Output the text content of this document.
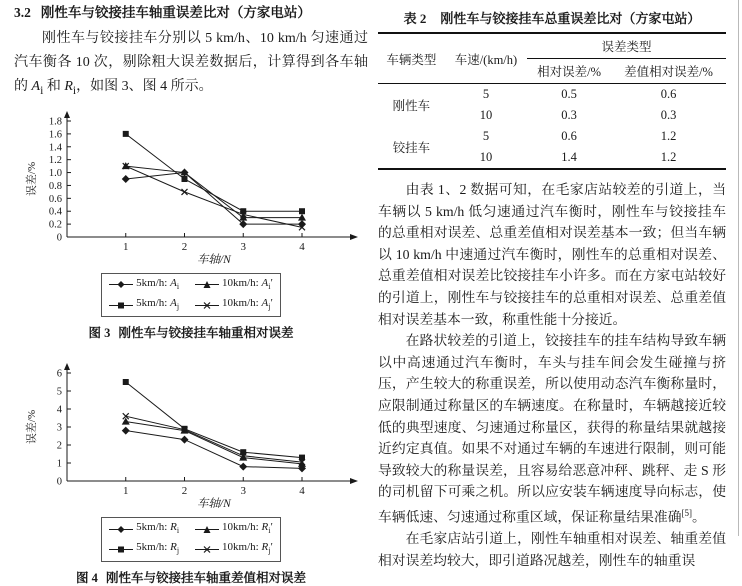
3.2 刚性车与铰接挂车轴重误差比对（方家电站）

刚性车与铰接挂车分别以 5 km/h、10 km/h 匀速通过汽车衡各 10 次，剔除粗大误差数据后，计算得到各车轴的 $A_i$ 和 $R_i$，如图 3、图 4 所示。

0
0.2
0.4
0.6
0.8
1.0
1.2
1.4
1.6
1.8
1	2	3	4
误差/%
车轴/N
5km/h: $A_i$	10km/h: $A_i'$
5km/h: $A_j$	10km/h: $A_j'$
图 3 刚性车与铰接挂车轴重相对误差
0
1
2
3
4
5
6
1	2	3	4
误差/%
车轴/N
5km/h: $R_i$	10km/h: $R_i'$
5km/h: $R_j$	10km/h: $R_j'$
图 4 刚性车与铰接挂车轴重差值相对误差
表 2 刚性车与铰接挂车总重误差比对（方家屯站）
车辆类型	车速/(km/h)	误差类型	
		相对误差/%	差值相对误差/%
刚性车	5	0.5	0.6
	10	0.3	0.3
铰挂车	5	0.6	1.2
	10	1.4	1.2

由表 1、2 数据可知，在毛家店站较差的引道上，当车辆以 5 km/h 低匀速通过汽车衡时，刚性车与铰接挂车的总重相对误差、总重差值相对误差基本一致；但当车辆以 10 km/h 中速通过汽车衡时，刚性车的总重相对误差、总重差值相对误差比铰接挂车小许多。而在方家屯站较好的引道上，刚性车与铰接挂车的总重相对误差、总重差值相对误差基本一致，称重性能十分接近。

在路状较差的引道上，铰接挂车的挂车结构导致车辆以中高速通过汽车衡时，车头与挂车间会发生碰撞与挤压，产生较大的称重误差，所以使用动态汽车衡称量时，应限制通过称量区的车辆速度。在称量时，车辆越接近较低的典型速度、匀速通过称量区，获得的称量结果就越接近约定真值。如果不对通过车辆的车速进行限制，则可能导致较大的称量误差，且容易给恶意冲秤、跳秤、走 S 形的司机留下可乘之机。所以应安装车辆速度导向标志，使车辆低速、匀速通过称重区域，保证称量结果准确[5]。

在毛家店站引道上，刚性车轴重相对误差、轴重差值相对误差均较大，即引道路况越差，刚性车的轴重误
